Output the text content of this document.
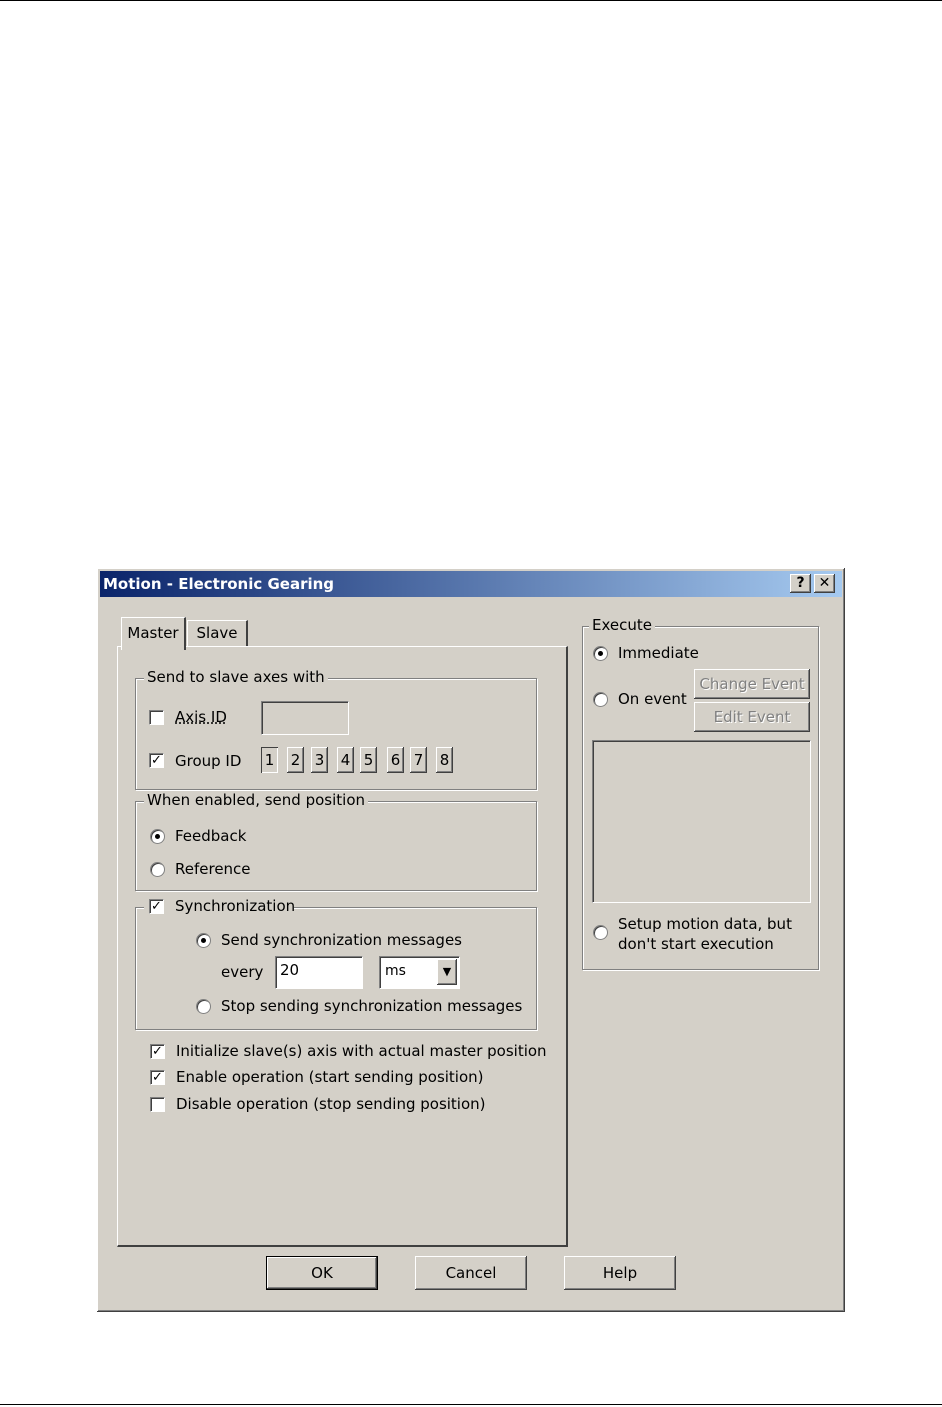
Motion - Electronic Gearing	?	✕
Master	Slave
Send to slave axes with
Axis ID
✓ Group ID 1 2 3 4 5 6 7 8
When enabled, send position
Feedback
Reference
✓ Synchronization
Send synchronization messages
every 20	ms	▼
Stop sending synchronization messages
✓ Initialize slave(s) axis with actual master position
✓ Enable operation (start sending position)
Disable operation (stop sending position)
Execute
Immediate
On event
Change Event
Edit Event
Setup motion data, but
don't start execution
OK	Cancel	Help
